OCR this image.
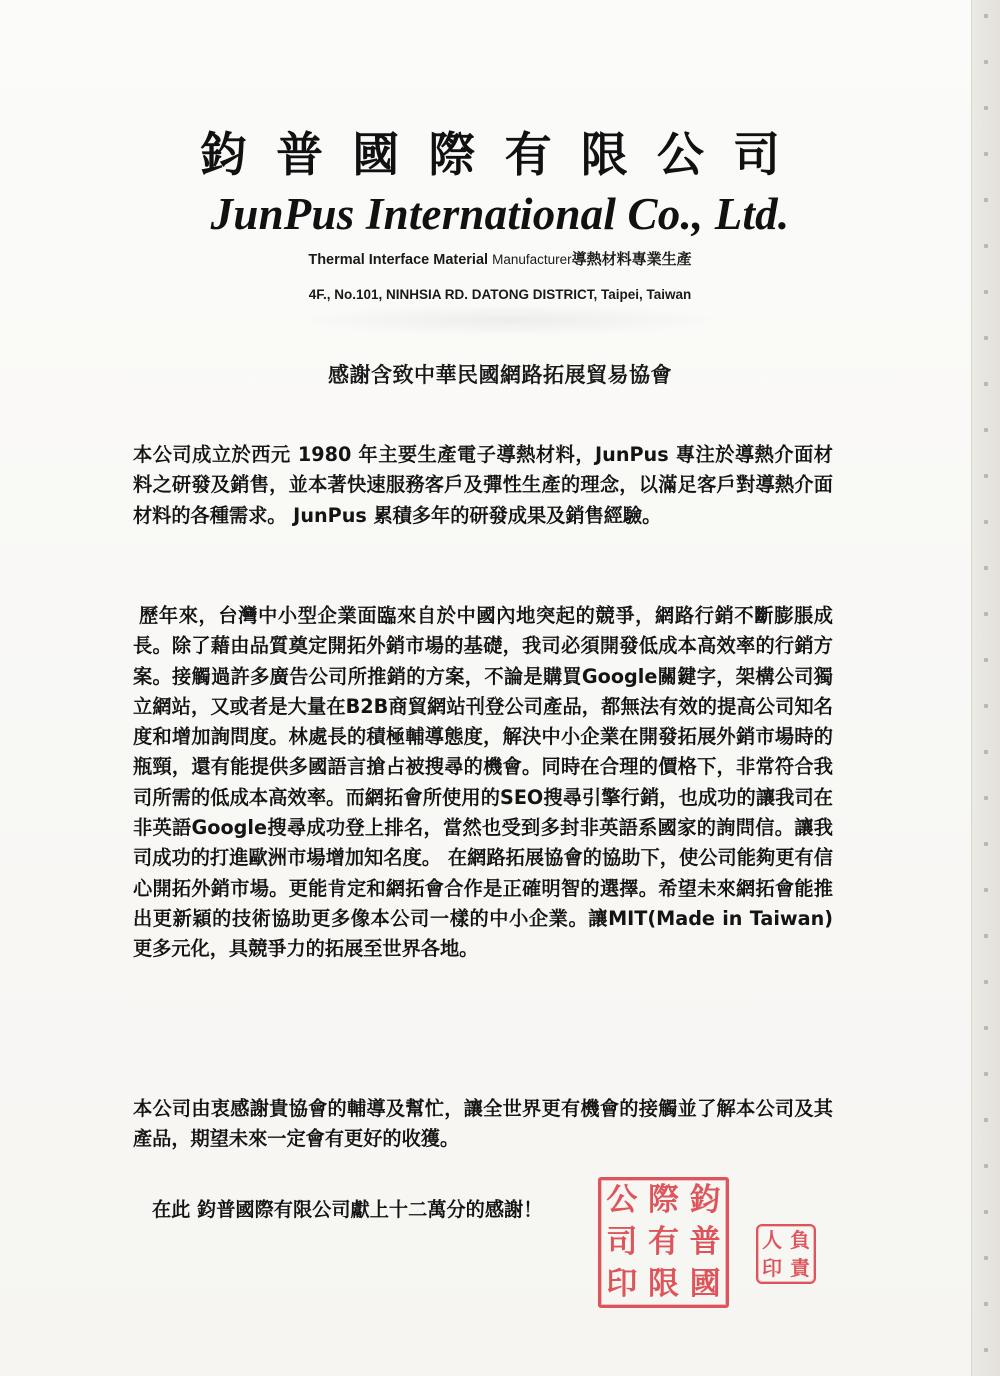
鈞 普 國 際 有 限 公 司
JunPus International Co., Ltd.
Thermal Interface Material Manufacturer導熱材料專業生產
4F., No.101, NINHSIA RD. DATONG DISTRICT, Taipei, Taiwan
感謝含致中華民國網路拓展貿易協會
本公司成立於西元 1980 年主要生產電子導熱材料，JunPus 專注於導熱介面材料之研發及銷售，並本著快速服務客戶及彈性生產的理念，以滿足客戶對導熱介面材料的各種需求。 JunPus 累積多年的研發成果及銷售經驗。
歷年來，台灣中小型企業面臨來自於中國內地突起的競爭，網路行銷不斷膨脹成長。除了藉由品質奠定開拓外銷市場的基礎，我司必須開發低成本高效率的行銷方案。接觸過許多廣告公司所推銷的方案，不論是購買Google關鍵字，架構公司獨立網站，又或者是大量在B2B商貿網站刊登公司產品，都無法有效的提高公司知名度和增加詢問度。林處長的積極輔導態度，解決中小企業在開發拓展外銷市場時的瓶頸，還有能提供多國語言搶占被搜尋的機會。同時在合理的價格下，非常符合我司所需的低成本高效率。而網拓會所使用的SEO搜尋引擎行銷，也成功的讓我司在非英語Google搜尋成功登上排名，當然也受到多封非英語系國家的詢問信。讓我司成功的打進歐洲市場增加知名度。 在網路拓展協會的協助下，使公司能夠更有信心開拓外銷市場。更能肯定和網拓會合作是正確明智的選擇。希望未來網拓會能推出更新穎的技術協助更多像本公司一樣的中小企業。讓MIT(Made in Taiwan)更多元化，具競爭力的拓展至世界各地。
本公司由衷感謝貴協會的輔導及幫忙，讓全世界更有機會的接觸並了解本公司及其產品，期望未來一定會有更好的收獲。
在此 鈞普國際有限公司獻上十二萬分的感謝！	公 際 鈞
司 有 普
印 限 國
人 負
印 責
